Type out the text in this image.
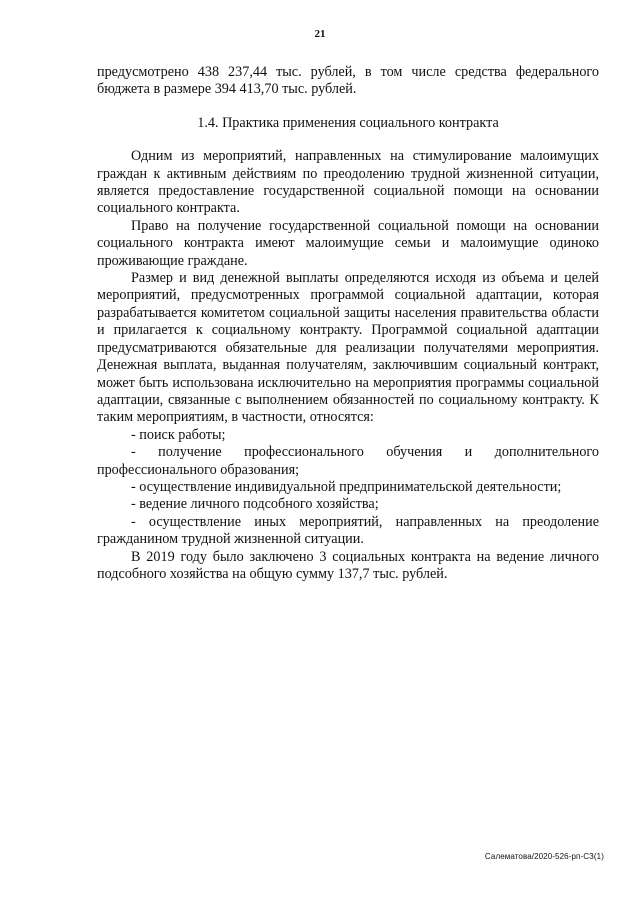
21

предусмотрено 438 237,44 тыс. рублей, в том числе средства федерального бюджета в размере 394 413,70 тыс. рублей.

1.4. Практика применения социального контракта

Одним из мероприятий, направленных на стимулирование малоимущих граждан к активным действиям по преодолению трудной жизненной ситуации, является предоставление государственной социальной помощи на основании социального контракта.

Право на получение государственной социальной помощи на основании социального контракта имеют малоимущие семьи и малоимущие одиноко проживающие граждане.

Размер и вид денежной выплаты определяются исходя из объема и целей мероприятий, предусмотренных программой социальной адаптации, которая разрабатывается комитетом социальной защиты населения правительства области и прилагается к социальному контракту. Программой социальной адаптации предусматриваются обязательные для реализации получателями мероприятия. Денежная выплата, выданная получателям, заключившим социальный контракт, может быть использована исключительно на мероприятия программы социальной адаптации, связанные с выполнением обязанностей по социальному контракту. К таким мероприятиям, в частности, относятся:

- поиск работы;

- получение профессионального обучения и дополнительного профессионального образования;

- осуществление индивидуальной предпринимательской деятельности;

- ведение личного подсобного хозяйства;

- осуществление иных мероприятий, направленных на преодоление гражданином трудной жизненной ситуации.

В 2019 году было заключено 3 социальных контракта на ведение личного подсобного хозяйства на общую сумму 137,7 тыс. рублей.

Салематова/2020-526-рп-СЗ(1)
